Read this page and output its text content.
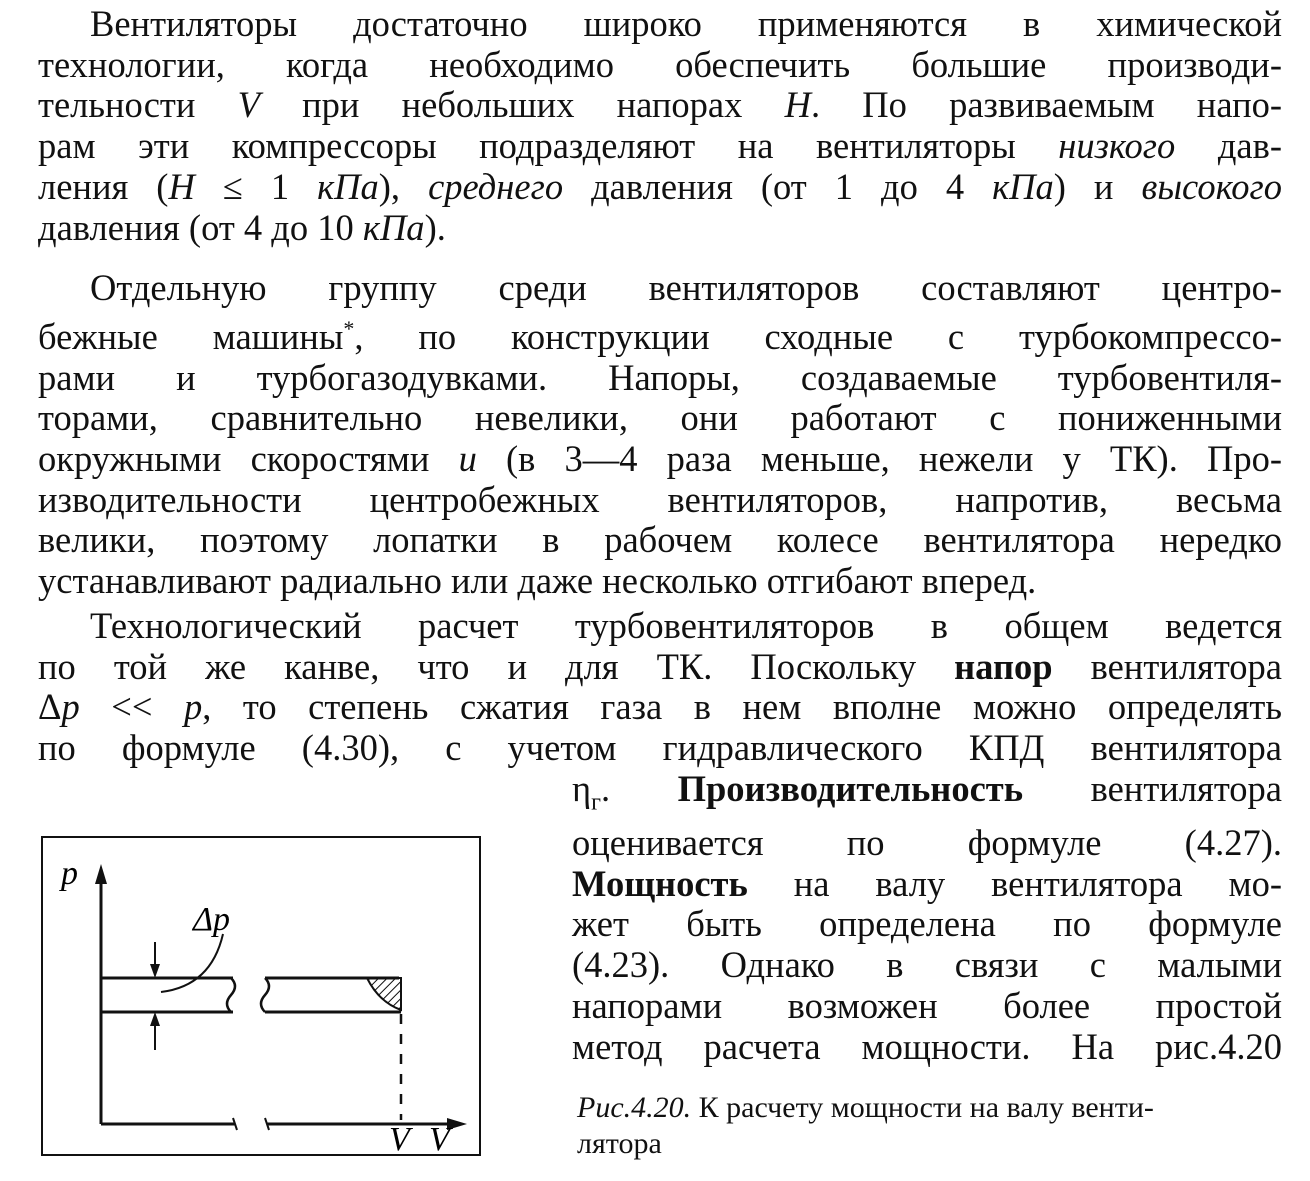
Вентиляторы достаточно широко применяются в химической
технологии, когда необходимо обеспечить большие производи-
тельности V при небольших напорах Н. По развиваемым напо-
рам эти компрессоры подразделяют на вентиляторы низкого дав-
ления (Н ≤ 1 кПа), среднего давления (от 1 до 4 кПа) и высокого
давления (от 4 до 10 кПа).
Отдельную группу среди вентиляторов составляют центро-
бежные машины*, по конструкции сходные с турбокомпрессо-
рами и турбогазодувками. Напоры, создаваемые турбовентиля-
торами, сравнительно невелики, они работают с пониженными
окружными скоростями и (в 3—4 раза меньше, нежели у ТК). Про-
изводительности центробежных вентиляторов, напротив, весьма
велики, поэтому лопатки в рабочем колесе вентилятора нередко
устанавливают радиально или даже несколько отгибают вперед.
Технологический расчет турбовентиляторов в общем ведется
по той же канве, что и для ТК. Поскольку напор вентилятора
Δp << p, то степень сжатия газа в нем вполне можно определять
по формуле (4.30), с учетом гидравлического КПД вентилятора
$\eta_г$. Производительность вентилятора
оценивается по формуле (4.27).
Мощность на валу вентилятора мо-
жет быть определена по формуле
(4.23). Однако в связи с малыми
напорами возможен более простой
метод расчета мощности. На рис.4.20
p
Δp
V V
Рис.4.20. К расчету мощности на валу венти-
лятора
